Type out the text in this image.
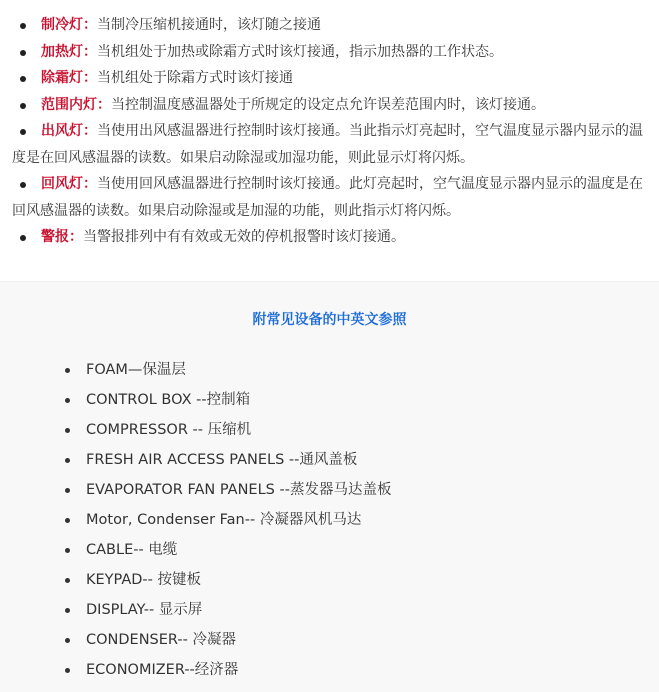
制冷灯：当制冷压缩机接通时，该灯随之接通
加热灯：当机组处于加热或除霜方式时该灯接通，指示加热器的工作状态。
除霜灯：当机组处于除霜方式时该灯接通
范围内灯：当控制温度感温器处于所规定的设定点允许误差范围内时，该灯接通。
出风灯：当使用出风感温器进行控制时该灯接通。当此指示灯亮起时，空气温度显示器内显示的温度是在回风感温器的读数。如果启动除湿或加湿功能，则此显示灯将闪烁。
回风灯：当使用回风感温器进行控制时该灯接通。此灯亮起时，空气温度显示器内显示的温度是在回风感温器的读数。如果启动除湿或是加湿的功能，则此指示灯将闪烁。
警报：当警报排列中有有效或无效的停机报警时该灯接通。
附常见设备的中英文参照
FOAM—保温层
CONTROL BOX --控制箱
COMPRESSOR -- 压缩机
FRESH AIR ACCESS PANELS --通风盖板
EVAPORATOR FAN PANELS --蒸发器马达盖板
Motor, Condenser Fan-- 冷凝器风机马达
CABLE-- 电缆
KEYPAD-- 按键板
DISPLAY-- 显示屏
CONDENSER-- 冷凝器
ECONOMIZER--经济器
